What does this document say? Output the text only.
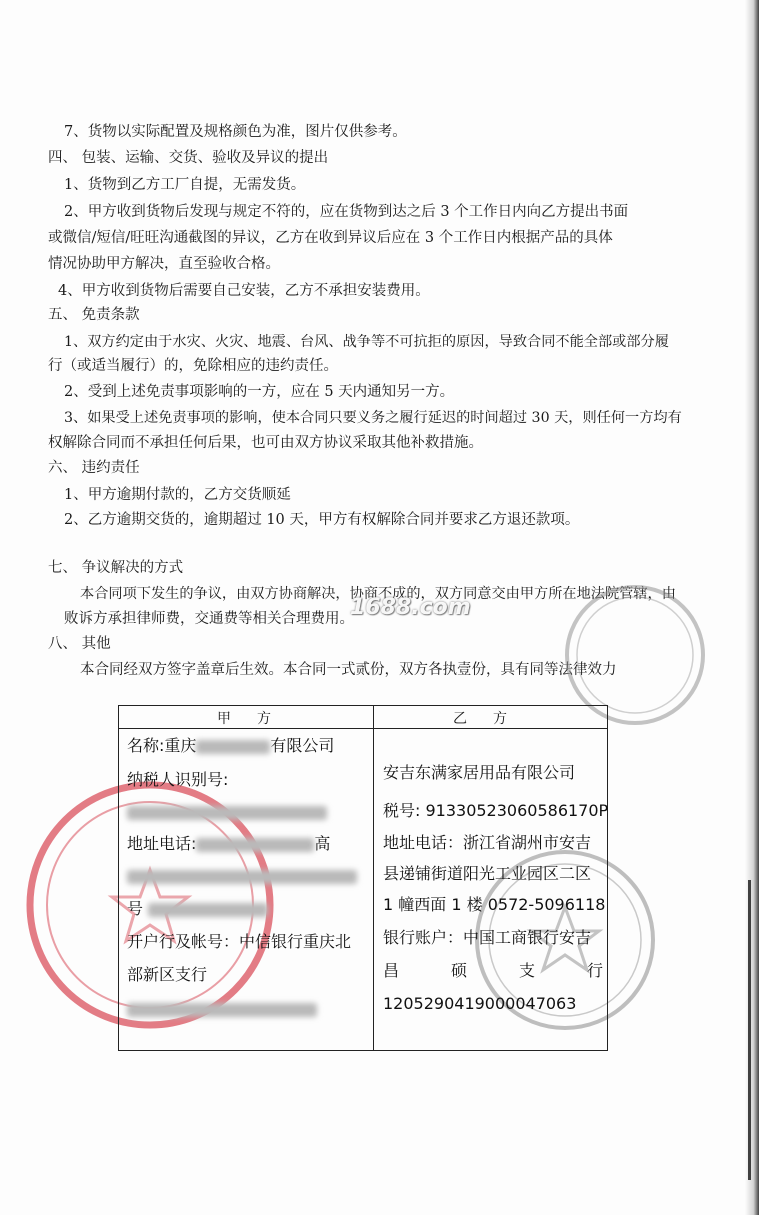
7、货物以实际配置及规格颜色为准，图片仅供参考。
四、 包装、运输、交货、验收及异议的提出
1、货物到乙方工厂自提，无需发货。
2、甲方收到货物后发现与规定不符的，应在货物到达之后 3 个工作日内向乙方提出书面
或微信/短信/旺旺沟通截图的异议，乙方在收到异议后应在 3 个工作日内根据产品的具体
情况协助甲方解决，直至验收合格。
4、甲方收到货物后需要自己安装，乙方不承担安装费用。
五、 免责条款
1、双方约定由于水灾、火灾、地震、台风、战争等不可抗拒的原因，导致合同不能全部或部分履
行（或适当履行）的，免除相应的违约责任。
2、受到上述免责事项影响的一方，应在 5 天内通知另一方。
3、如果受上述免责事项的影响，使本合同只要义务之履行延迟的时间超过 30 天，则任何一方均有
权解除合同而不承担任何后果，也可由双方协议采取其他补救措施。
六、 违约责任
1、甲方逾期付款的，乙方交货顺延
2、乙方逾期交货的，逾期超过 10 天，甲方有权解除合同并要求乙方退还款项。
七、 争议解决的方式
本合同项下发生的争议，由双方协商解决，协商不成的，双方同意交由甲方所在地法院管辖，由
败诉方承担律师费，交通费等相关合理费用。
八、 其他
本合同经双方签字盖章后生效。本合同一式贰份，双方各执壹份，具有同等法律效力
1688.com
甲方	乙方
名称:重庆	有限公司
纳税人识别号:
地址电话:	高
号
开户行及帐号：中信银行重庆北
部新区支行
安吉东满家居用品有限公司
税号: 91330523060586170P
地址电话：浙江省湖州市安吉
县递铺街道阳光工业园区二区
1 幢西面 1 楼 0572-5096118
银行账户：中国工商银行安吉
昌	硕	支	行
1205290419000047063
